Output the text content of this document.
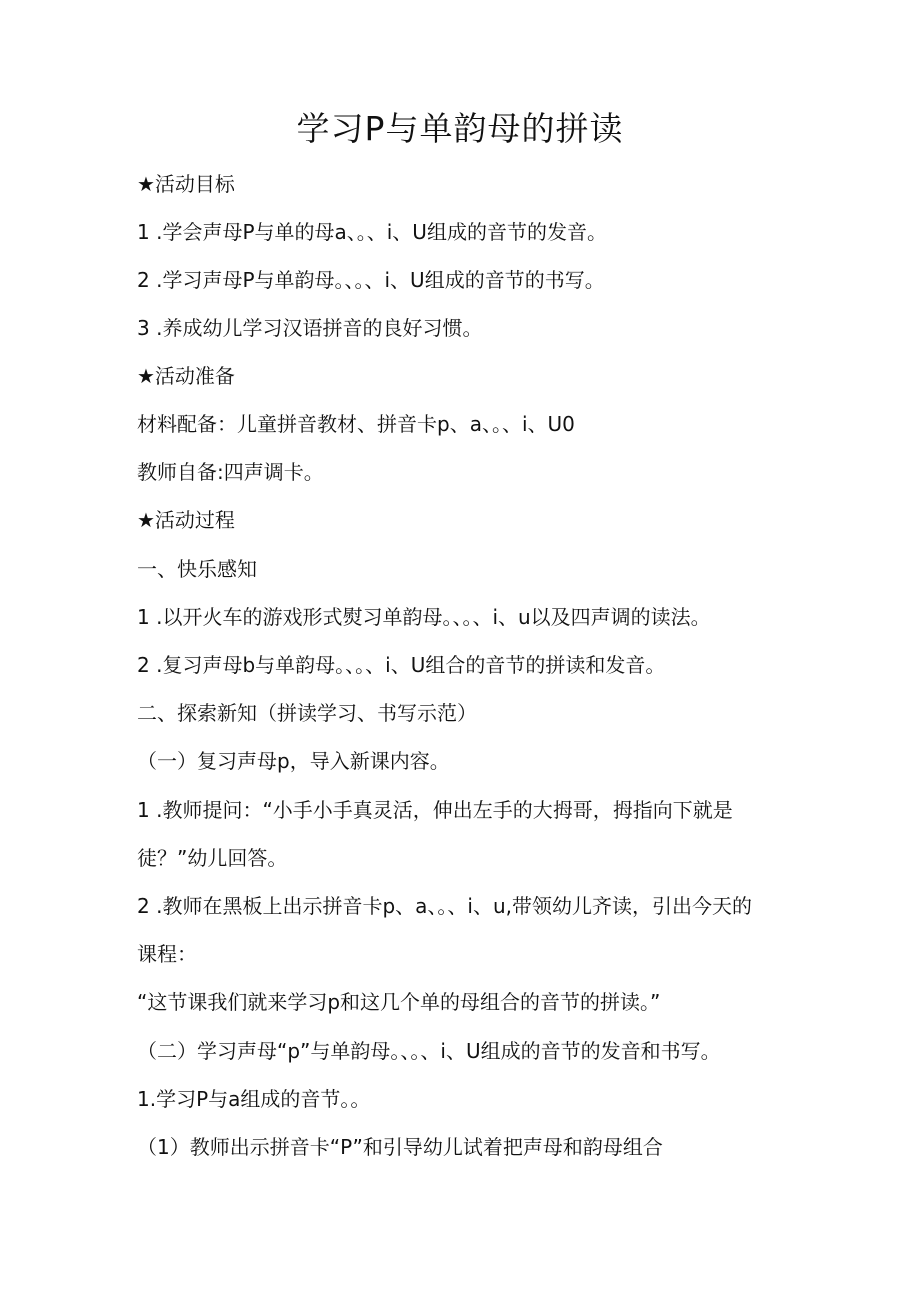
学习P与单韵母的拼读
★活动目标
1 .学会声母P与单的母a、。、i、U组成的音节的发音。
2 .学习声母P与单韵母。、。、i、U组成的音节的书写。
3 .养成幼儿学习汉语拼音的良好习惯。
★活动准备
材料配备：儿童拼音教材、拼音卡p、a、。、i、U0
教师自备:四声调卡。
★活动过程
一、快乐感知
1 .以开火车的游戏形式熨习单韵母。、。、i、u以及四声调的读法。
2 .复习声母b与单韵母。、。、i、U组合的音节的拼读和发音。
二、探索新知（拼读学习、书写示范）
（一）复习声母p，导入新课内容。
1 .教师提问：“小手小手真灵活，伸出左手的大拇哥，拇指向下就是
徒？”幼儿回答。
2 .教师在黑板上出示拼音卡p、a、。、i、u,带领幼儿齐读，引出今天的
课程：
“这节课我们就来学习p和这几个单的母组合的音节的拼读。”
（二）学习声母“p”与单韵母。、。、i、U组成的音节的发音和书写。
1.学习P与a组成的音节。。
（1）教师出示拼音卡“P”和引导幼儿试着把声母和韵母组合
